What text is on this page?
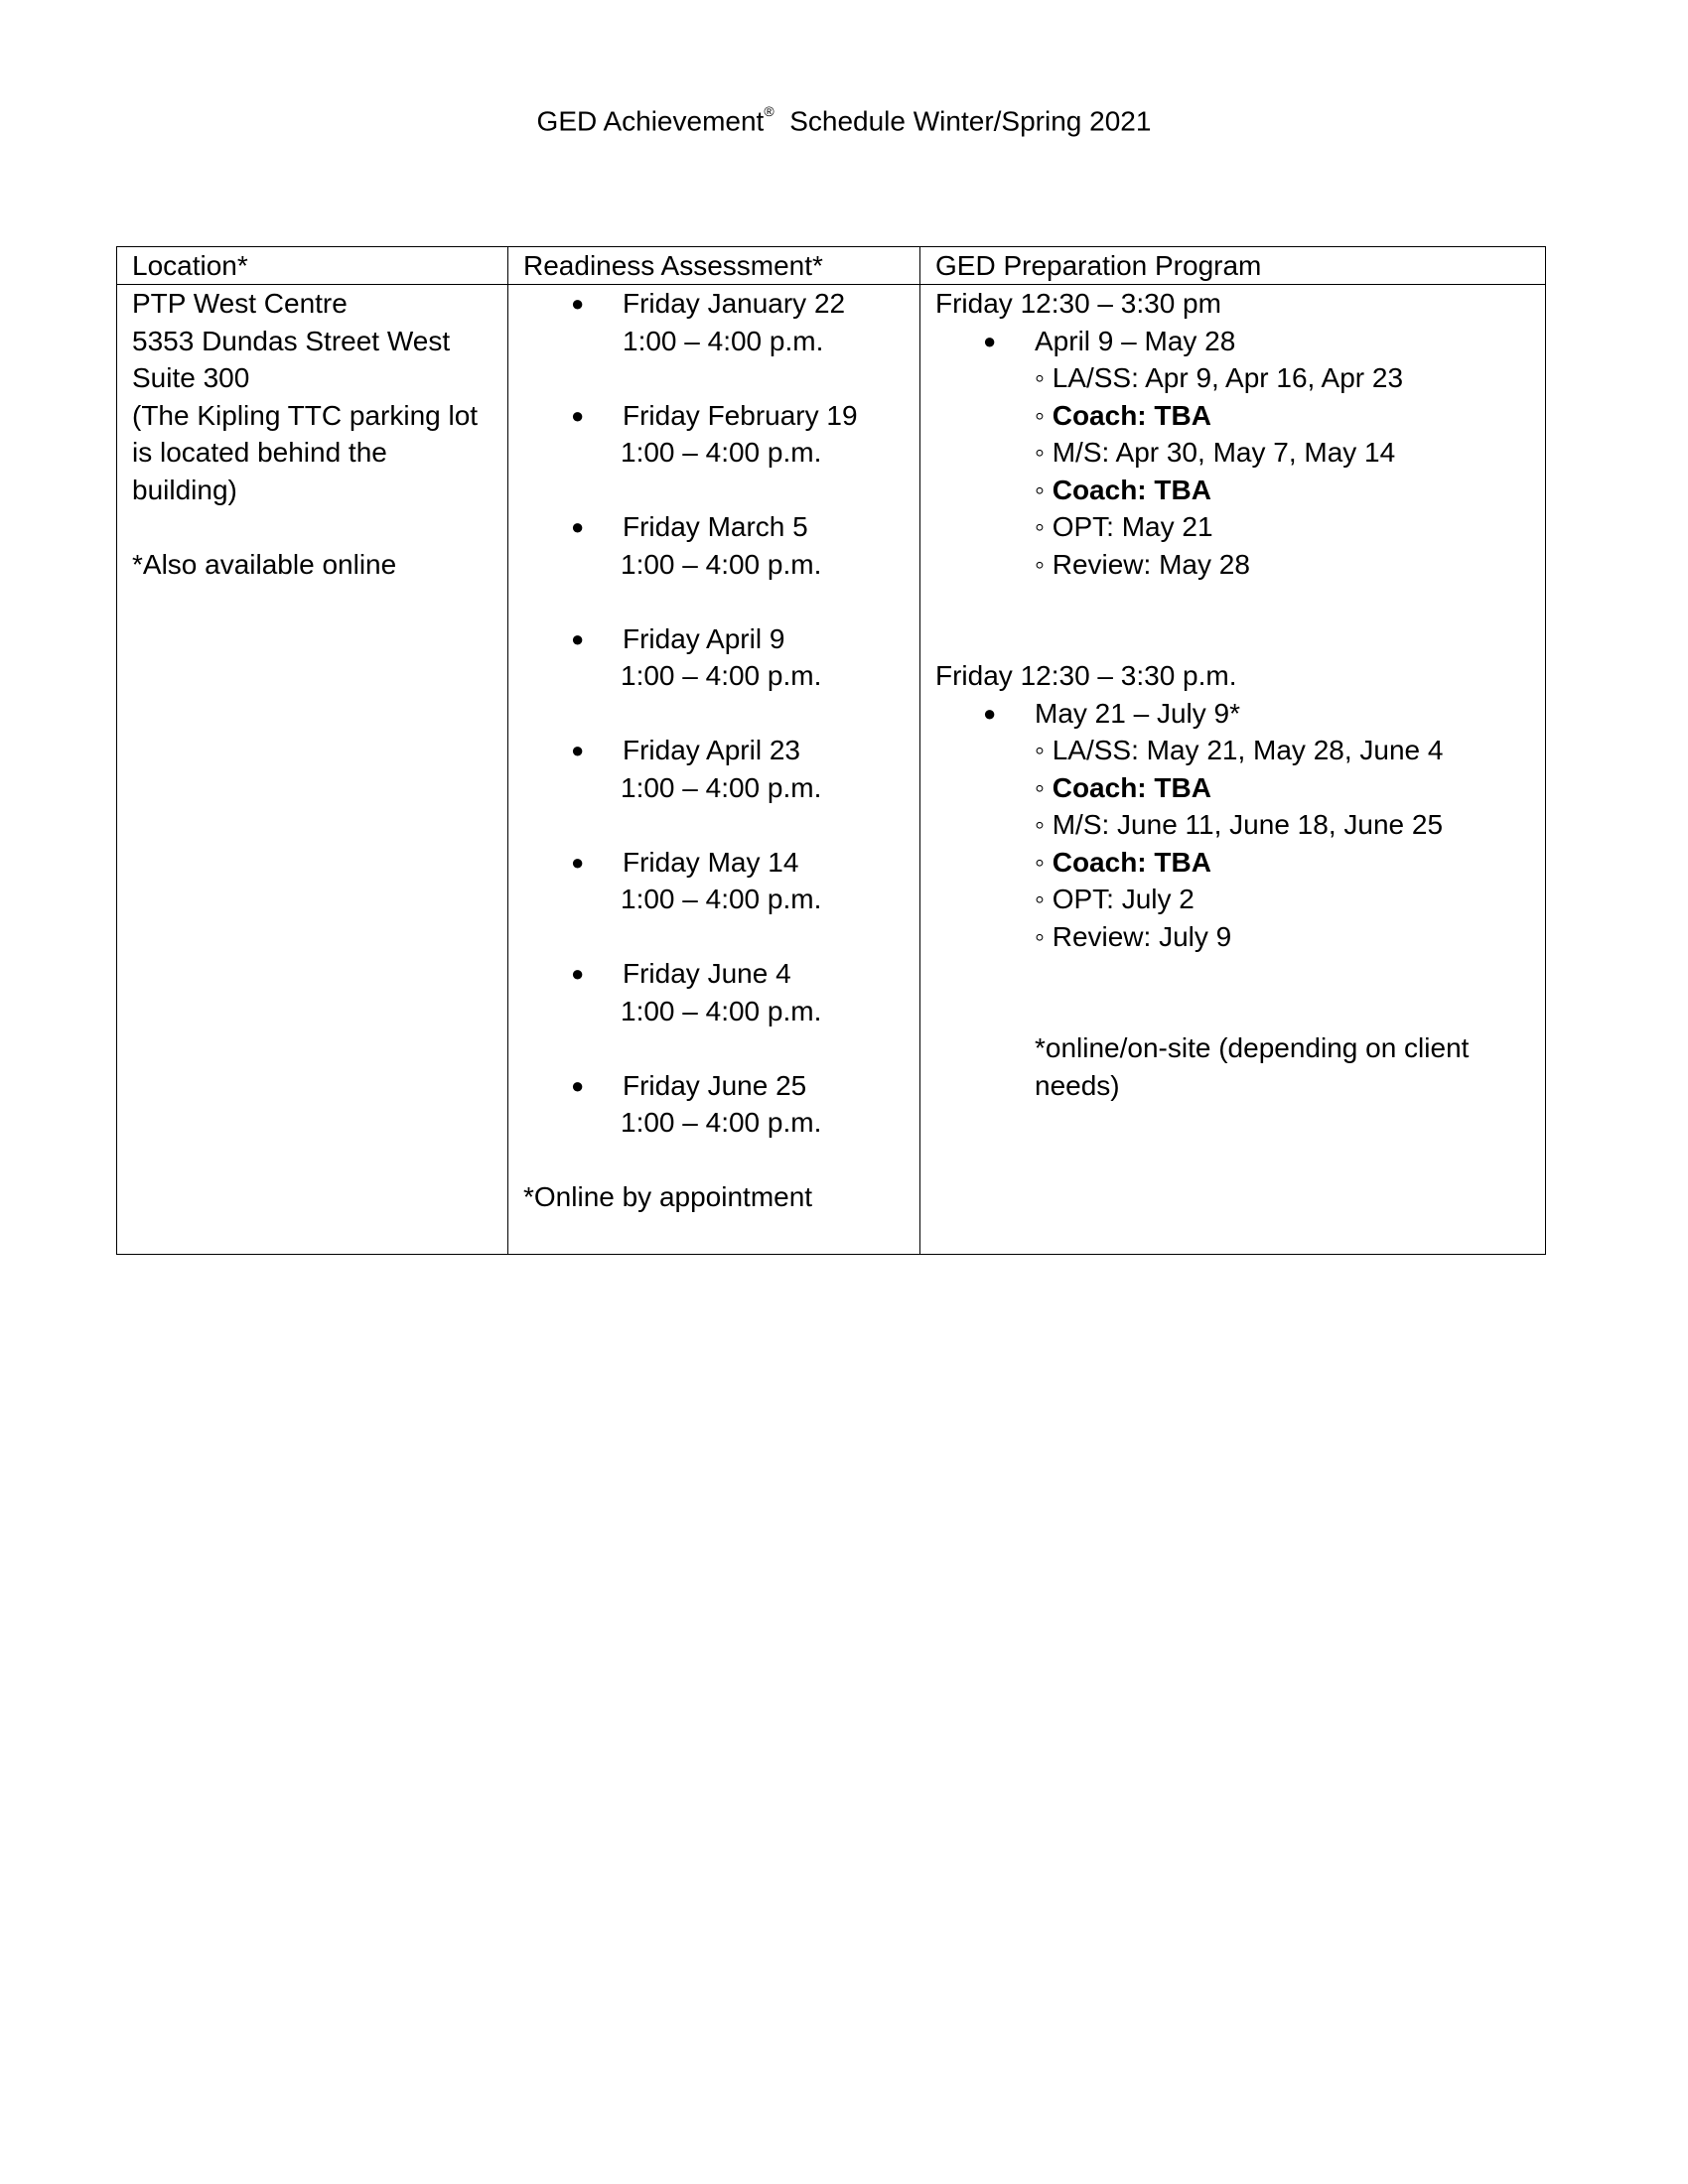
GED Achievement® Schedule Winter/Spring 2021
Location*	Readiness Assessment*	GED Preparation Program
PTP West Centre
5353 Dundas Street West
Suite 300
(The Kipling TTC parking lot
is located behind the
building)
*Also available online
● Friday January 22
1:00 – 4:00 p.m.
● Friday February 19
1:00 – 4:00 p.m.
● Friday March 5
1:00 – 4:00 p.m.
● Friday April 9
1:00 – 4:00 p.m.
● Friday April 23
1:00 – 4:00 p.m.
● Friday May 14
1:00 – 4:00 p.m.
● Friday June 4
1:00 – 4:00 p.m.
● Friday June 25
1:00 – 4:00 p.m.
*Online by appointment
Friday 12:30 – 3:30 pm
● April 9 – May 28
◦ LA/SS: Apr 9, Apr 16, Apr 23
◦ Coach: TBA
◦ M/S: Apr 30, May 7, May 14
◦ Coach: TBA
◦ OPT: May 21
◦ Review: May 28
Friday 12:30 – 3:30 p.m.
● May 21 – July 9*
◦ LA/SS: May 21, May 28, June 4
◦ Coach: TBA
◦ M/S: June 11, June 18, June 25
◦ Coach: TBA
◦ OPT: July 2
◦ Review: July 9
*online/on-site (depending on client needs)
